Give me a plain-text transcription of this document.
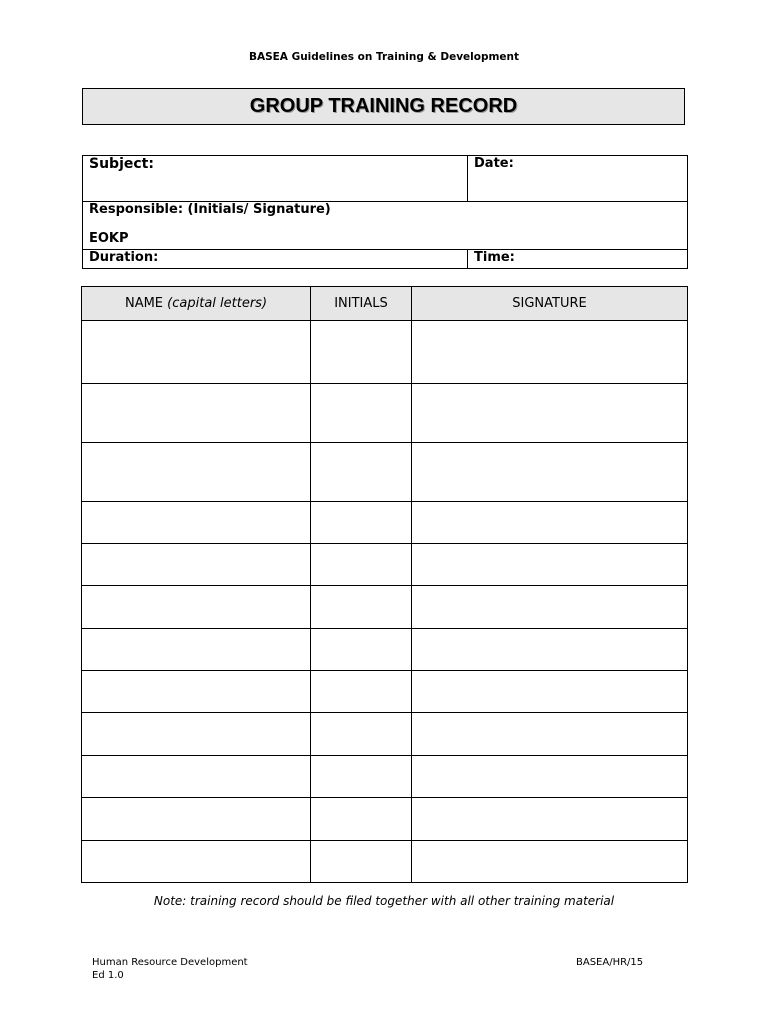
BASEA Guidelines on Training & Development
GROUP TRAINING RECORD
Subject:	Date:

Responsible: (Initials/ Signature)
EOKP	

Duration:	Time:
NAME (capital letters)	INITIALS	SIGNATURE

Note: training record should be filed together with all other training material
Human Resource Development
Ed 1.0
BASEA/HR/15
